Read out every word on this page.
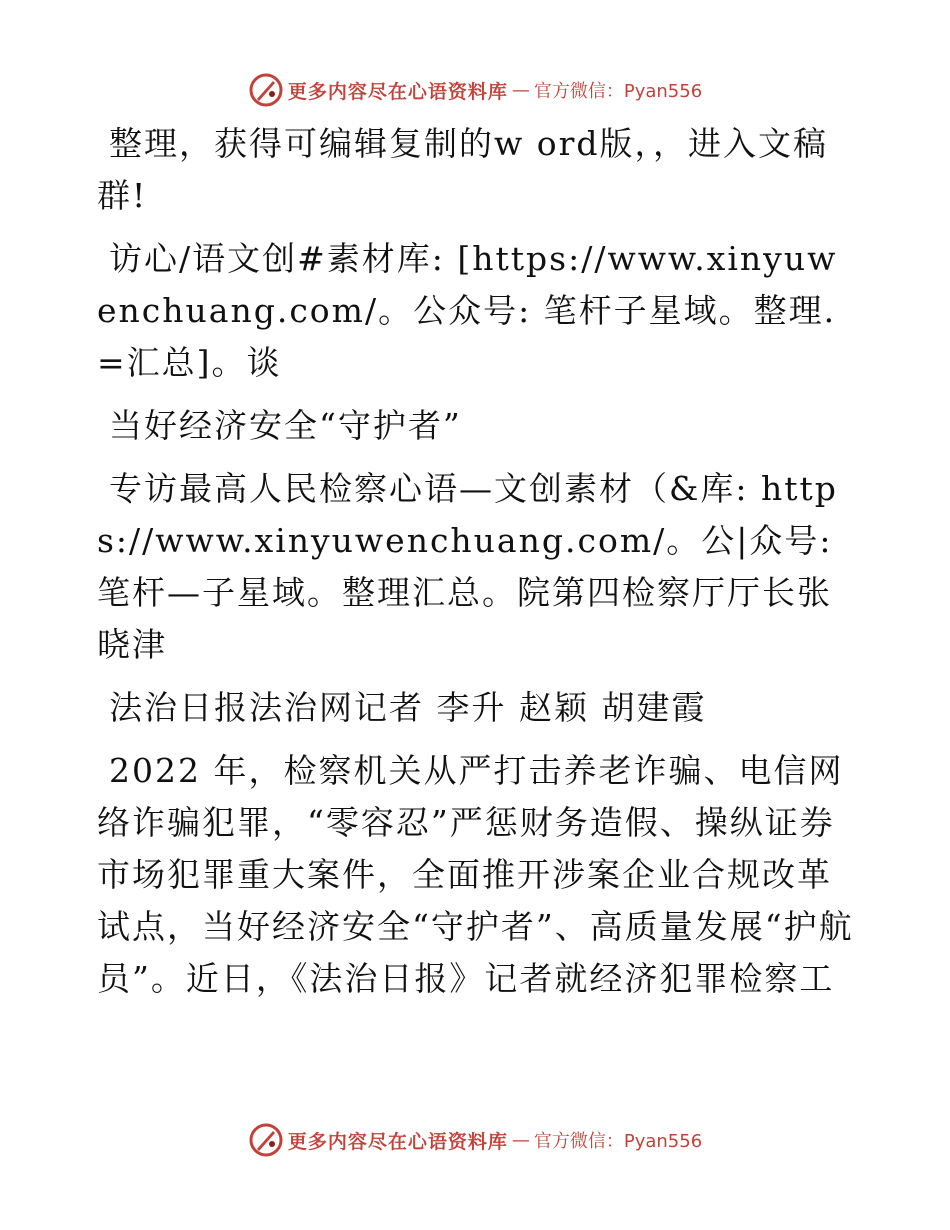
更多内容尽在心语资料库 — 官方微信：Pyan556

整理，获得可编辑复制的w ord版，，进入文稿群!

访心/语文创#素材库: [https://www.xinyuwenchuang.com/。公众号: 笔杆子星域。整理.=汇总]。谈

当好经济安全“守护者”

专访最高人民检察心语—文创素材（&库: https://www.xinyuwenchuang.com/。公|众号: 笔杆—子星域。整理汇总。院第四检察厅厅长张晓津

法治日报法治网记者 李升 赵颖 胡建霞

2022 年，检察机关从严打击养老诈骗、电信网络诈骗犯罪，“零容忍”严惩财务造假、操纵证券市场犯罪重大案件，全面推开涉案企业合规改革试点，当好经济安全“守护者”、高质量发展“护航员”。近日，《法治日报》记者就经济犯罪检察工

更多内容尽在心语资料库 — 官方微信：Pyan556
